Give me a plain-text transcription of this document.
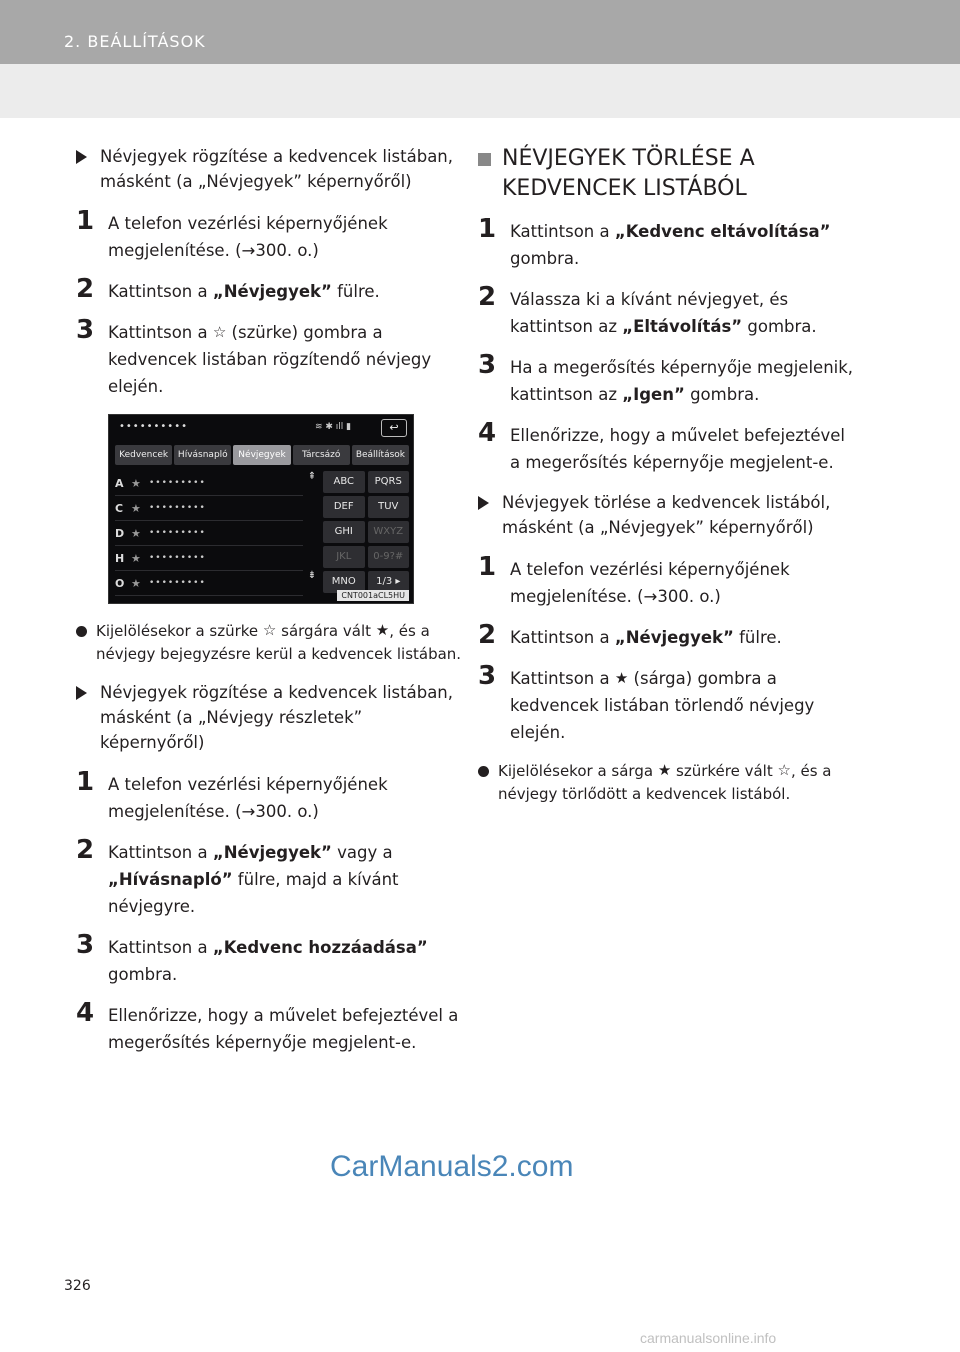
2. BEÁLLÍTÁSOK
Névjegyek rögzítése a kedvencek listában, másként (a „Névjegyek” képernyőről)
1 A telefon vezérlési képernyőjének megjelenítése. (→300. o.)
2 Kattintson a „Névjegyek” fülre.
3 Kattintson a ☆ (szürke) gombra a kedvencek listában rögzítendő névjegy elején.
••••••••••	≋ ✱ ıll ▮	↩
Kedvencek	Hívásnapló	Névjegyek	Tárcsázó	Beállítások
A ★ •••••••••
C ★ •••••••••
D ★ •••••••••
H ★ •••••••••
O ★ •••••••••
⇞
⇟
ABC	PQRS
DEF	TUV
GHI	WXYZ
JKL	0-9?#
MNO	1/3 ▸
CNT001aCL5HU
Kijelölésekor a szürke ☆ sárgára vált ★, és a névjegy bejegyzésre kerül a kedvencek listában.
Névjegyek rögzítése a kedvencek listában, másként (a „Névjegy részletek” képernyőről)
1 A telefon vezérlési képernyőjének megjelenítése. (→300. o.)
2 Kattintson a „Névjegyek” vagy a „Hívásnapló” fülre, majd a kívánt névjegyre.
3 Kattintson a „Kedvenc hozzáadása” gombra.
4 Ellenőrizze, hogy a művelet befejeztével a megerősítés képernyője megjelent-e.
NÉVJEGYEK TÖRLÉSE A KEDVENCEK LISTÁBÓL
1 Kattintson a „Kedvenc eltávolítása” gombra.
2 Válassza ki a kívánt névjegyet, és kattintson az „Eltávolítás” gombra.
3 Ha a megerősítés képernyője megjelenik, kattintson az „Igen” gombra.
4 Ellenőrizze, hogy a művelet befejeztével a megerősítés képernyője megjelent-e.
Névjegyek törlése a kedvencek listából, másként (a „Névjegyek” képernyőről)
1 A telefon vezérlési képernyőjének megjelenítése. (→300. o.)
2 Kattintson a „Névjegyek” fülre.
3 Kattintson a ★ (sárga) gombra a kedvencek listában törlendő névjegy elején.
Kijelölésekor a sárga ★ szürkére vált ☆, és a névjegy törlődött a kedvencek listából.
CarManuals2.com
326
carmanualsonline.info
